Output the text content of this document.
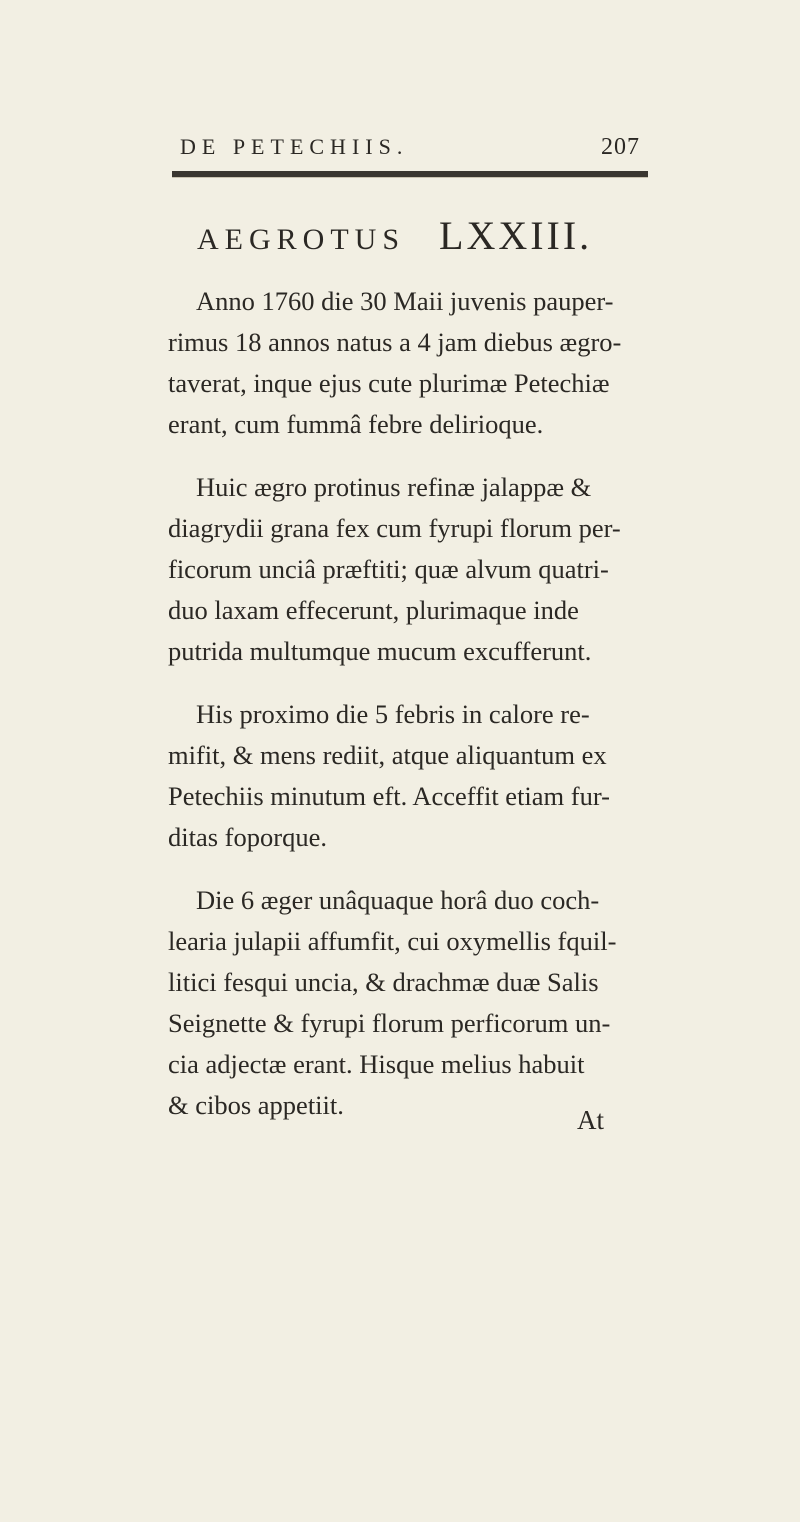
DE PETECHIIS.	207
AEGROTUS LXXIII.

Anno 1760 die 30 Maii juvenis pauper-
rimus 18 annos natus a 4 jam diebus ægro-
taverat, inque ejus cute plurimæ Petechiæ
erant, cum fummâ febre delirioque.

Huic ægro protinus refinæ jalappæ &
diagrydii grana fex cum fyrupi florum per-
ficorum unciâ præftiti; quæ alvum quatri-
duo laxam effecerunt, plurimaque inde
putrida multumque mucum excufferunt.

His proximo die 5 febris in calore re-
mifit, & mens rediit, atque aliquantum ex
Petechiis minutum eft. Acceffit etiam fur-
ditas foporque.

Die 6 æger unâquaque horâ duo coch-
learia julapii affumfit, cui oxymellis fquil-
litici fesqui uncia, & drachmæ duæ Salis
Seignette & fyrupi florum perficorum un-
cia adjectæ erant. Hisque melius habuit
& cibos appetiit.	At
